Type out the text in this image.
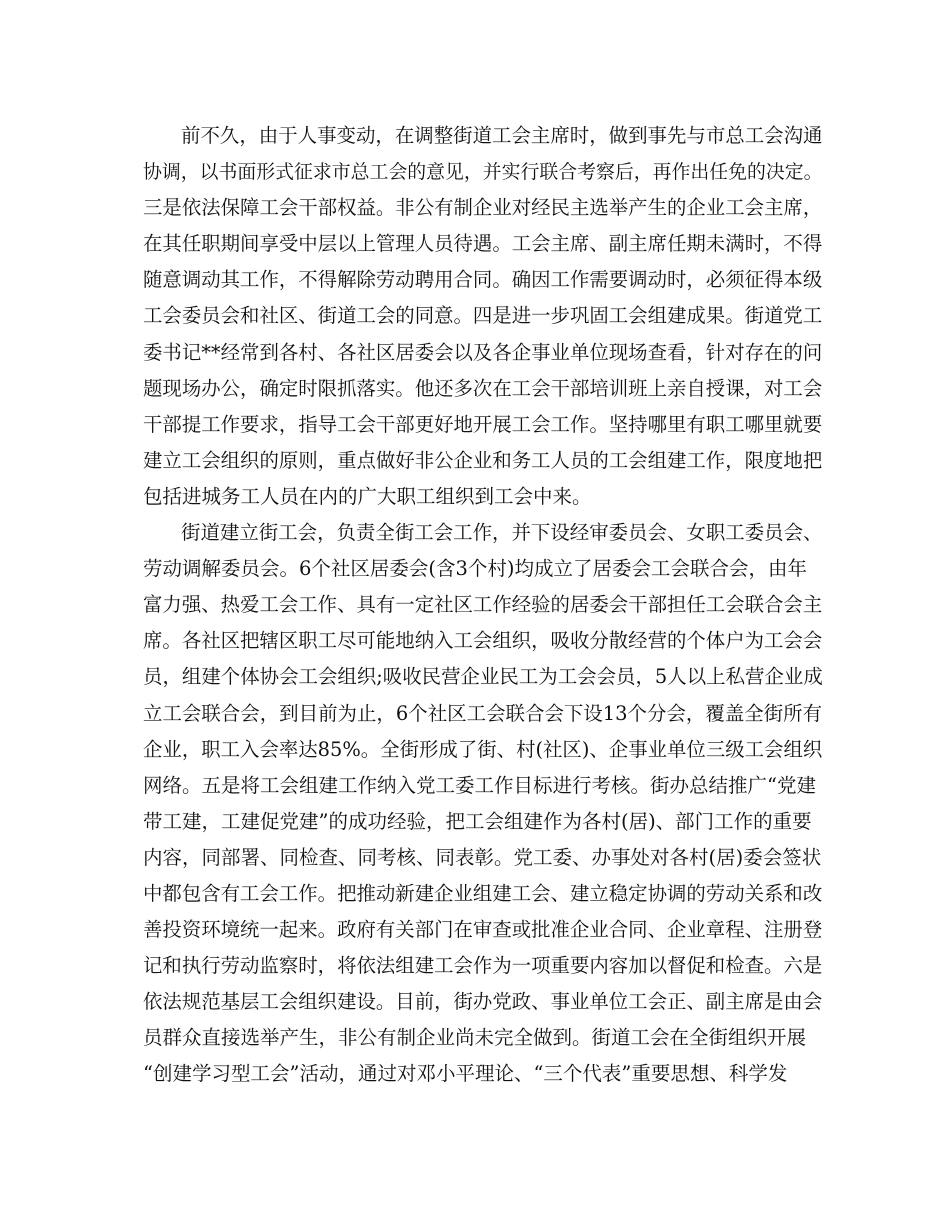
前不久，由于人事变动，在调整街道工会主席时，做到事先与市总工会沟通
协调，以书面形式征求市总工会的意见，并实行联合考察后，再作出任免的决定。
三是依法保障工会干部权益。非公有制企业对经民主选举产生的企业工会主席，
在其任职期间享受中层以上管理人员待遇。工会主席、副主席任期未满时，不得
随意调动其工作，不得解除劳动聘用合同。确因工作需要调动时，必须征得本级
工会委员会和社区、街道工会的同意。四是进一步巩固工会组建成果。街道党工
委书记**经常到各村、各社区居委会以及各企事业单位现场查看，针对存在的问
题现场办公，确定时限抓落实。他还多次在工会干部培训班上亲自授课，对工会
干部提工作要求，指导工会干部更好地开展工会工作。坚持哪里有职工哪里就要
建立工会组织的原则，重点做好非公企业和务工人员的工会组建工作，限度地把
包括进城务工人员在内的广大职工组织到工会中来。
街道建立街工会，负责全街工会工作，并下设经审委员会、女职工委员会、
劳动调解委员会。6个社区居委会(含3个村)均成立了居委会工会联合会，由年
富力强、热爱工会工作、具有一定社区工作经验的居委会干部担任工会联合会主
席。各社区把辖区职工尽可能地纳入工会组织，吸收分散经营的个体户为工会会
员，组建个体协会工会组织;吸收民营企业民工为工会会员，5人以上私营企业成
立工会联合会，到目前为止，6个社区工会联合会下设13个分会，覆盖全街所有
企业，职工入会率达85%。全街形成了街、村(社区)、企事业单位三级工会组织
网络。五是将工会组建工作纳入党工委工作目标进行考核。街办总结推广“党建
带工建，工建促党建”的成功经验，把工会组建作为各村(居)、部门工作的重要
内容，同部署、同检查、同考核、同表彰。党工委、办事处对各村(居)委会签状
中都包含有工会工作。把推动新建企业组建工会、建立稳定协调的劳动关系和改
善投资环境统一起来。政府有关部门在审查或批准企业合同、企业章程、注册登
记和执行劳动监察时，将依法组建工会作为一项重要内容加以督促和检查。六是
依法规范基层工会组织建设。目前，街办党政、事业单位工会正、副主席是由会
员群众直接选举产生，非公有制企业尚未完全做到。街道工会在全街组织开展
“创建学习型工会”活动，通过对邓小平理论、“三个代表”重要思想、科学发
